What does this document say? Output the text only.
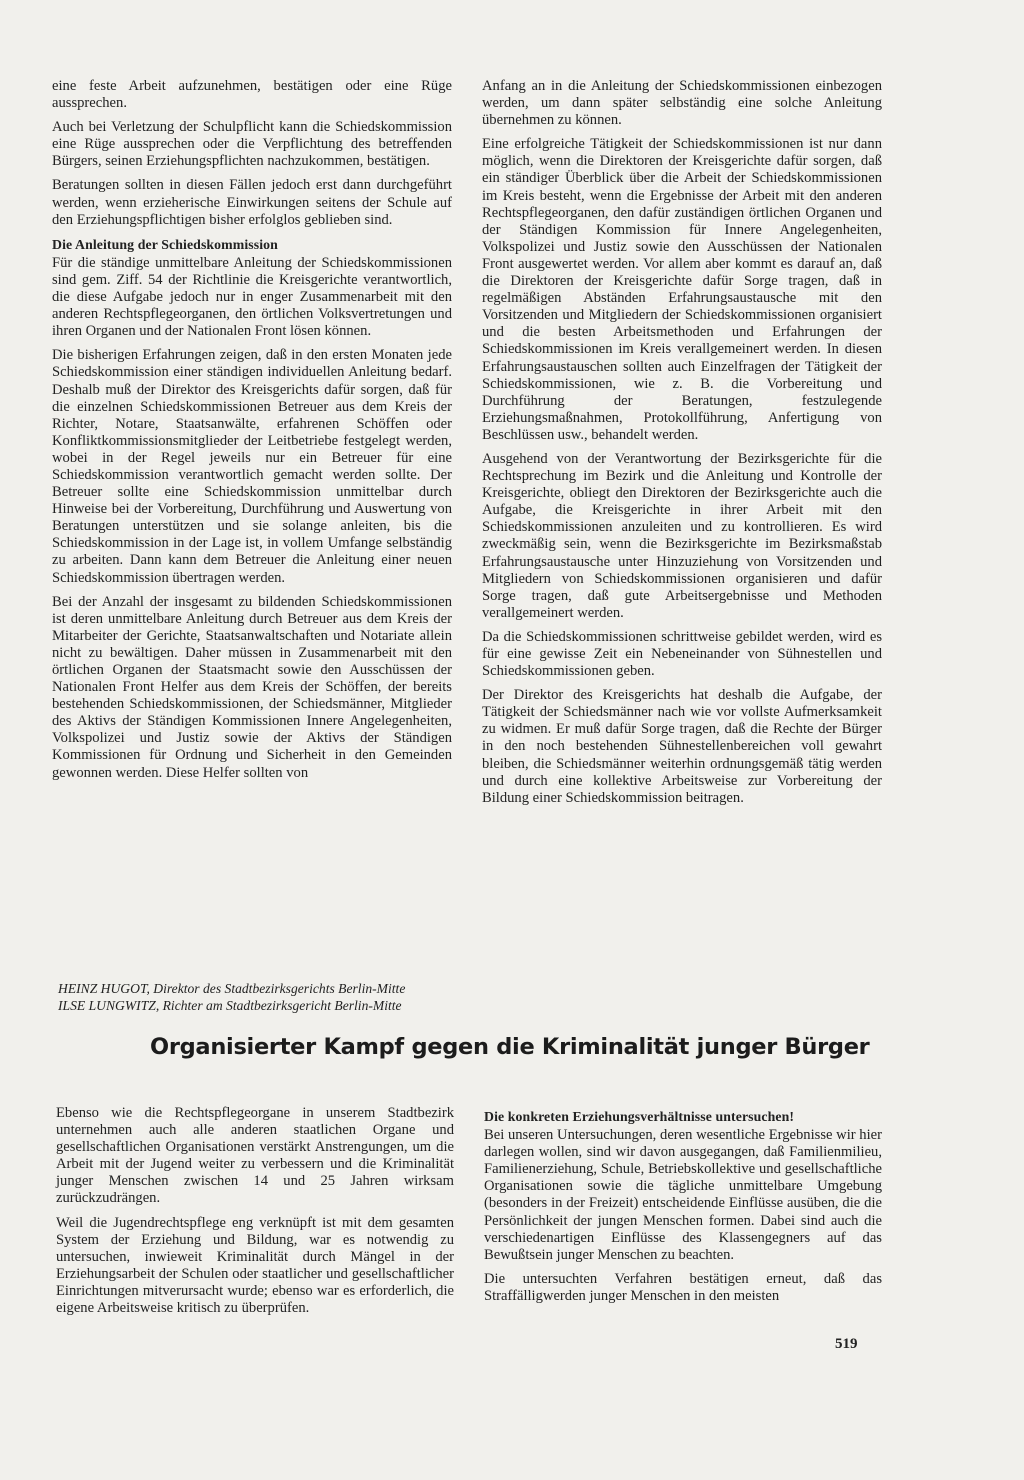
eine feste Arbeit aufzunehmen, bestätigen oder eine Rüge aussprechen.

Auch bei Verletzung der Schulpflicht kann die Schiedskommission eine Rüge aussprechen oder die Verpflichtung des betreffenden Bürgers, seinen Erziehungspflichten nachzukommen, bestätigen.

Beratungen sollten in diesen Fällen jedoch erst dann durchgeführt werden, wenn erzieherische Einwirkungen seitens der Schule auf den Erziehungspflichtigen bisher erfolglos geblieben sind.

Die Anleitung der Schiedskommission

Für die ständige unmittelbare Anleitung der Schiedskommissionen sind gem. Ziff. 54 der Richtlinie die Kreisgerichte verantwortlich, die diese Aufgabe jedoch nur in enger Zusammenarbeit mit den anderen Rechtspflegeorganen, den örtlichen Volksvertretungen und ihren Organen und der Nationalen Front lösen können.

Die bisherigen Erfahrungen zeigen, daß in den ersten Monaten jede Schiedskommission einer ständigen individuellen Anleitung bedarf. Deshalb muß der Direktor des Kreisgerichts dafür sorgen, daß für die einzelnen Schiedskommissionen Betreuer aus dem Kreis der Richter, Notare, Staatsanwälte, erfahrenen Schöffen oder Konfliktkommissionsmitglieder der Leitbetriebe festgelegt werden, wobei in der Regel jeweils nur ein Betreuer für eine Schiedskommission verantwortlich gemacht werden sollte. Der Betreuer sollte eine Schiedskommission unmittelbar durch Hinweise bei der Vorbereitung, Durchführung und Auswertung von Beratungen unterstützen und sie solange anleiten, bis die Schiedskommission in der Lage ist, in vollem Umfange selbständig zu arbeiten. Dann kann dem Betreuer die Anleitung einer neuen Schiedskommission übertragen werden.

Bei der Anzahl der insgesamt zu bildenden Schiedskommissionen ist deren unmittelbare Anleitung durch Betreuer aus dem Kreis der Mitarbeiter der Gerichte, Staatsanwaltschaften und Notariate allein nicht zu bewältigen. Daher müssen in Zusammenarbeit mit den örtlichen Organen der Staatsmacht sowie den Ausschüssen der Nationalen Front Helfer aus dem Kreis der Schöffen, der bereits bestehenden Schiedskommissionen, der Schiedsmänner, Mitglieder des Aktivs der Ständigen Kommissionen Innere Angelegenheiten, Volkspolizei und Justiz sowie der Aktivs der Ständigen Kommissionen für Ordnung und Sicherheit in den Gemeinden gewonnen werden. Diese Helfer sollten von

Anfang an in die Anleitung der Schiedskommissionen einbezogen werden, um dann später selbständig eine solche Anleitung übernehmen zu können.

Eine erfolgreiche Tätigkeit der Schiedskommissionen ist nur dann möglich, wenn die Direktoren der Kreisgerichte dafür sorgen, daß ein ständiger Überblick über die Arbeit der Schiedskommissionen im Kreis besteht, wenn die Ergebnisse der Arbeit mit den anderen Rechtspflegeorganen, den dafür zuständigen örtlichen Organen und der Ständigen Kommission für Innere Angelegenheiten, Volkspolizei und Justiz sowie den Ausschüssen der Nationalen Front ausgewertet werden. Vor allem aber kommt es darauf an, daß die Direktoren der Kreisgerichte dafür Sorge tragen, daß in regelmäßigen Abständen Erfahrungsaustausche mit den Vorsitzenden und Mitgliedern der Schiedskommissionen organisiert und die besten Arbeitsmethoden und Erfahrungen der Schiedskommissionen im Kreis verallgemeinert werden. In diesen Erfahrungsaustauschen sollten auch Einzelfragen der Tätigkeit der Schiedskommissionen, wie z. B. die Vorbereitung und Durchführung der Beratungen, festzulegende Erziehungsmaßnahmen, Protokollführung, Anfertigung von Beschlüssen usw., behandelt werden.

Ausgehend von der Verantwortung der Bezirksgerichte für die Rechtsprechung im Bezirk und die Anleitung und Kontrolle der Kreisgerichte, obliegt den Direktoren der Bezirksgerichte auch die Aufgabe, die Kreisgerichte in ihrer Arbeit mit den Schiedskommissionen anzuleiten und zu kontrollieren. Es wird zweckmäßig sein, wenn die Bezirksgerichte im Bezirksmaßstab Erfahrungsaustausche unter Hinzuziehung von Vorsitzenden und Mitgliedern von Schiedskommissionen organisieren und dafür Sorge tragen, daß gute Arbeitsergebnisse und Methoden verallgemeinert werden.

Da die Schiedskommissionen schrittweise gebildet werden, wird es für eine gewisse Zeit ein Nebeneinander von Sühnestellen und Schiedskommissionen geben.

Der Direktor des Kreisgerichts hat deshalb die Aufgabe, der Tätigkeit der Schiedsmänner nach wie vor vollste Aufmerksamkeit zu widmen. Er muß dafür Sorge tragen, daß die Rechte der Bürger in den noch bestehenden Sühnestellenbereichen voll gewahrt bleiben, die Schiedsmänner weiterhin ordnungsgemäß tätig werden und durch eine kollektive Arbeitsweise zur Vorbereitung der Bildung einer Schiedskommission beitragen.

HEINZ HUGOT, Direktor des Stadtbezirksgerichts Berlin-Mitte
ILSE LUNGWITZ, Richter am Stadtbezirksgericht Berlin-Mitte
Organisierter Kampf gegen die Kriminalität junger Bürger

Ebenso wie die Rechtspflegeorgane in unserem Stadtbezirk unternehmen auch alle anderen staatlichen Organe und gesellschaftlichen Organisationen verstärkt Anstrengungen, um die Arbeit mit der Jugend weiter zu verbessern und die Kriminalität junger Menschen zwischen 14 und 25 Jahren wirksam zurückzudrängen.

Weil die Jugendrechtspflege eng verknüpft ist mit dem gesamten System der Erziehung und Bildung, war es notwendig zu untersuchen, inwieweit Kriminalität durch Mängel in der Erziehungsarbeit der Schulen oder staatlicher und gesellschaftlicher Einrichtungen mitverursacht wurde; ebenso war es erforderlich, die eigene Arbeitsweise kritisch zu überprüfen.

Die konkreten Erziehungsverhältnisse untersuchen!

Bei unseren Untersuchungen, deren wesentliche Ergebnisse wir hier darlegen wollen, sind wir davon ausgegangen, daß Familienmilieu, Familienerziehung, Schule, Betriebskollektive und gesellschaftliche Organisationen sowie die tägliche unmittelbare Umgebung (besonders in der Freizeit) entscheidende Einflüsse ausüben, die die Persönlichkeit der jungen Menschen formen. Dabei sind auch die verschiedenartigen Einflüsse des Klassengegners auf das Bewußtsein junger Menschen zu beachten.

Die untersuchten Verfahren bestätigen erneut, daß das Straffälligwerden junger Menschen in den meisten

519
